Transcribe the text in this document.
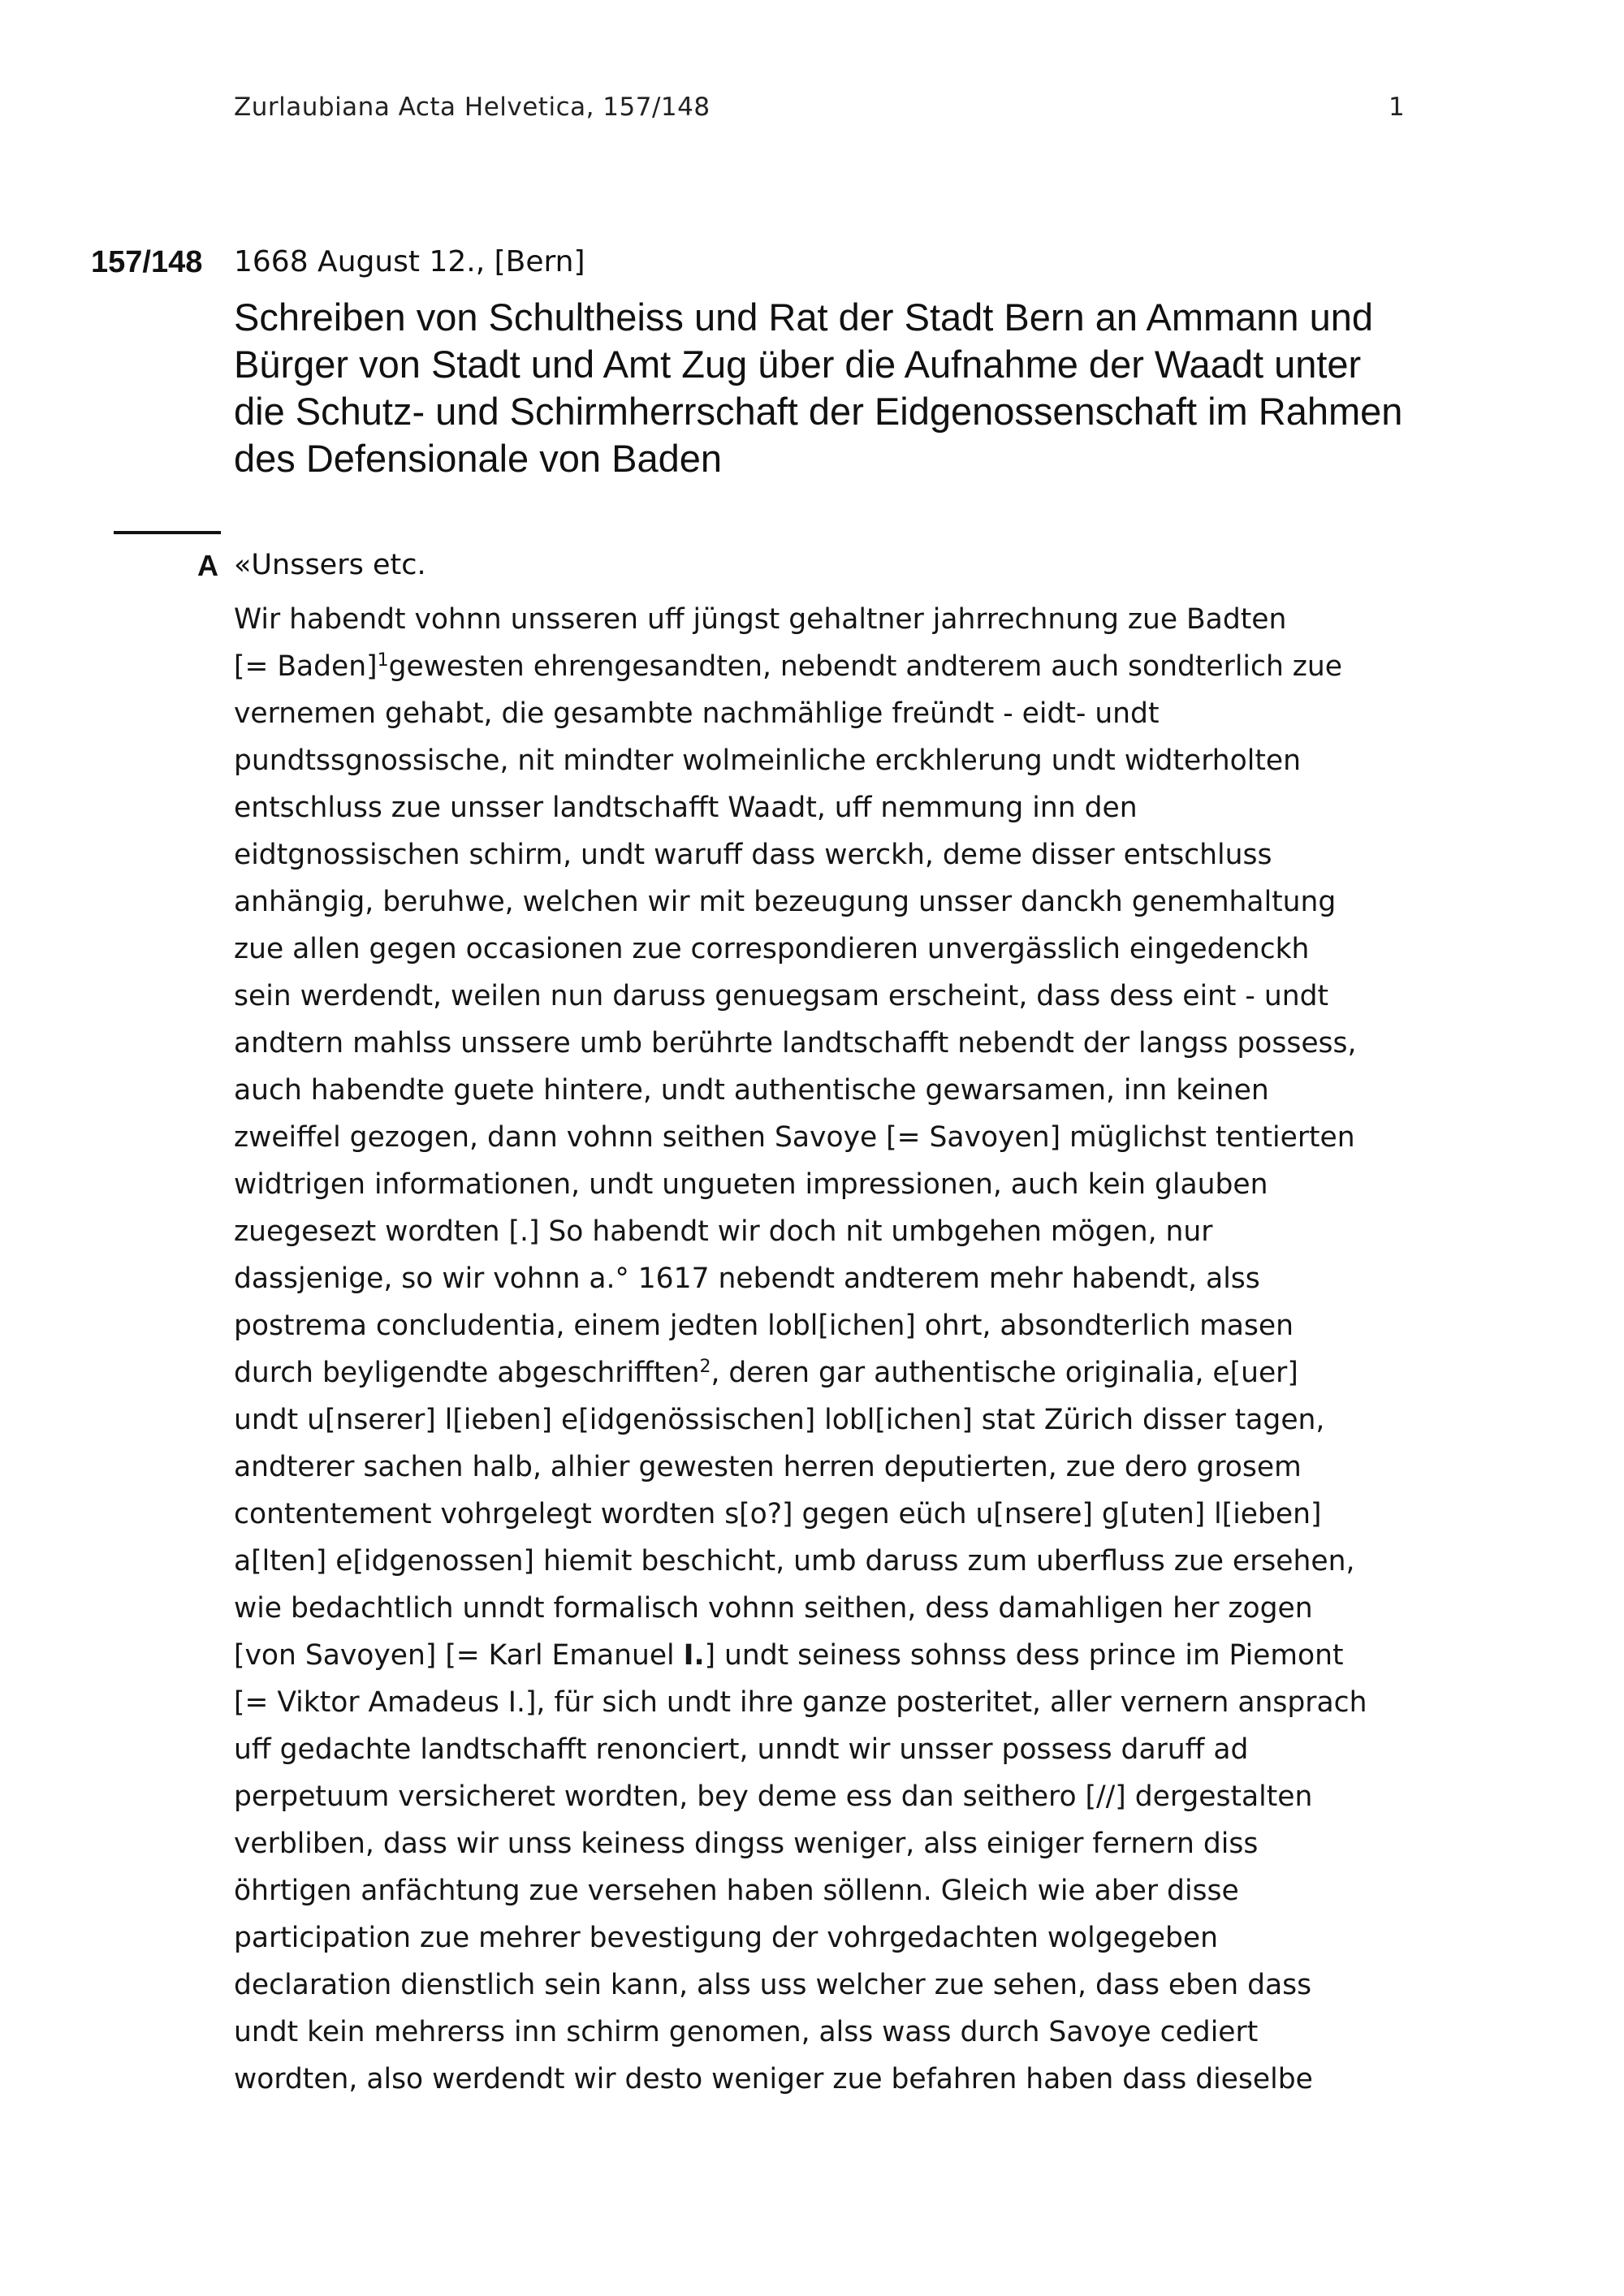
Zurlaubiana Acta Helvetica, 157/148	1
157/148 1668 August 12., [Bern]
Schreiben von Schultheiss und Rat der Stadt Bern an Ammann und Bürger von Stadt und Amt Zug über die Aufnahme der Waadt unter die Schutz- und Schirmherrschaft der Eidgenossenschaft im Rahmen des Defensionale von Baden
A «Unssers etc.
Wir habendt vohnn unsseren uff jüngst gehaltner jahrrechnung zue Badten
[= Baden]$^1$gewesten ehrengesandten, nebendt andterem auch sondterlich zue
vernemen gehabt, die gesambte nachmählige freündt - eidt- undt
pundtssgnossische, nit mindter wolmeinliche erckhlerung undt widterholten
entschluss zue unsser landtschafft Waadt, uff nemmung inn den
eidtgnossischen schirm, undt waruff dass werckh, deme disser entschluss
anhängig, beruhwe, welchen wir mit bezeugung unsser danckh genemhaltung
zue allen gegen occasionen zue correspondieren unvergässlich eingedenckh
sein werdendt, weilen nun daruss genuegsam erscheint, dass dess eint - undt
andtern mahlss unssere umb berührte landtschafft nebendt der langss possess,
auch habendte guete hintere, undt authentische gewarsamen, inn keinen
zweiffel gezogen, dann vohnn seithen Savoye [= Savoyen] müglichst tentierten
widtrigen informationen, undt ungueten impressionen, auch kein glauben
zuegesezt wordten [.] So habendt wir doch nit umbgehen mögen, nur
dassjenige, so wir vohnn a.° 1617 nebendt andterem mehr habendt, alss
postrema concludentia, einem jedten lobl[ichen] ohrt, absondterlich masen
durch beyligendte abgeschrifften$^2$, deren gar authentische originalia, e[uer]
undt u[nserer] l[ieben] e[idgenössischen] lobl[ichen] stat Zürich disser tagen,
andterer sachen halb, alhier gewesten herren deputierten, zue dero grosem
contentement vohrgelegt wordten s[o?] gegen eüch u[nsere] g[uten] l[ieben]
a[lten] e[idgenossen] hiemit beschicht, umb daruss zum uberfluss zue ersehen,
wie bedachtlich unndt formalisch vohnn seithen, dess damahligen her zogen
[von Savoyen] [= Karl Emanuel I.] undt seiness sohnss dess prince im Piemont
[= Viktor Amadeus I.], für sich undt ihre ganze posteritet, aller vernern ansprach
uff gedachte landtschafft renonciert, unndt wir unsser possess daruff ad
perpetuum versicheret wordten, bey deme ess dan seithero [//] dergestalten
verbliben, dass wir unss keiness dingss weniger, alss einiger fernern diss
öhrtigen anfächtung zue versehen haben söllenn. Gleich wie aber disse
participation zue mehrer bevestigung der vohrgedachten wolgegeben
declaration dienstlich sein kann, alss uss welcher zue sehen, dass eben dass
undt kein mehrerss inn schirm genomen, alss wass durch Savoye cediert
wordten, also werdendt wir desto weniger zue befahren haben dass dieselbe
